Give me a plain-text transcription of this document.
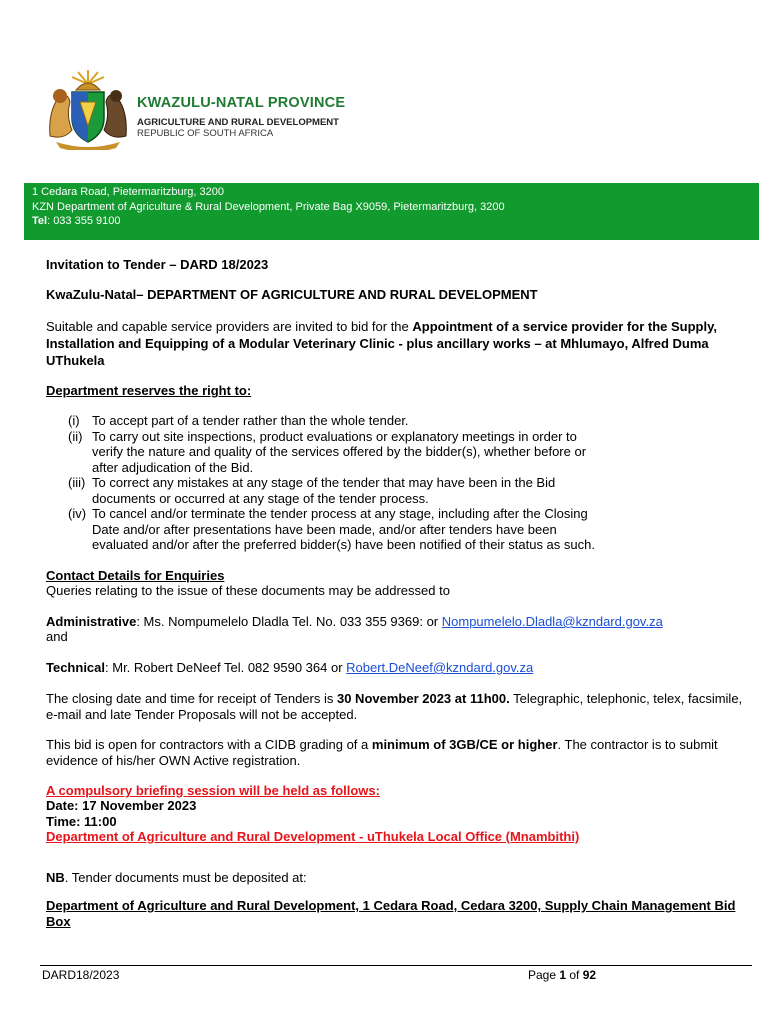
KWAZULU-NATAL PROVINCE
AGRICULTURE AND RURAL DEVELOPMENT
REPUBLIC OF SOUTH AFRICA
1 Cedara Road, Pietermaritzburg, 3200
KZN Department of Agriculture & Rural Development, Private Bag X9059, Pietermaritzburg, 3200
Tel: 033 355 9100
Invitation to Tender – DARD 18/2023
KwaZulu-Natal– DEPARTMENT OF AGRICULTURE AND RURAL DEVELOPMENT
Suitable and capable service providers are invited to bid for the Appointment of a service provider for the Supply, Installation and Equipping of a Modular Veterinary Clinic - plus ancillary works – at Mhlumayo, Alfred Duma UThukela
Department reserves the right to:
(i) To accept part of a tender rather than the whole tender.
(ii) To carry out site inspections, product evaluations or explanatory meetings in order to
verify the nature and quality of the services offered by the bidder(s), whether before or
after adjudication of the Bid.
(iii) To correct any mistakes at any stage of the tender that may have been in the Bid
documents or occurred at any stage of the tender process.
(iv) To cancel and/or terminate the tender process at any stage, including after the Closing
Date and/or after presentations have been made, and/or after tenders have been
evaluated and/or after the preferred bidder(s) have been notified of their status as such.
Contact Details for Enquiries
Queries relating to the issue of these documents may be addressed to
Administrative: Ms. Nompumelelo Dladla Tel. No. 033 355 9369: or Nompumelelo.Dladla@kzndard.gov.za
and
Technical: Mr. Robert DeNeef Tel. 082 9590 364 or Robert.DeNeef@kzndard.gov.za
The closing date and time for receipt of Tenders is 30 November 2023 at 11h00. Telegraphic, telephonic, telex, facsimile, e-mail and late Tender Proposals will not be accepted.
This bid is open for contractors with a CIDB grading of a minimum of 3GB/CE or higher. The contractor is to submit evidence of his/her OWN Active registration.
A compulsory briefing session will be held as follows:
Date: 17 November 2023
Time: 11:00
Department of Agriculture and Rural Development - uThukela Local Office (Mnambithi)
NB. Tender documents must be deposited at:
Department of Agriculture and Rural Development, 1 Cedara Road, Cedara 3200, Supply Chain Management Bid Box
DARD18/2023	Page 1 of 92
